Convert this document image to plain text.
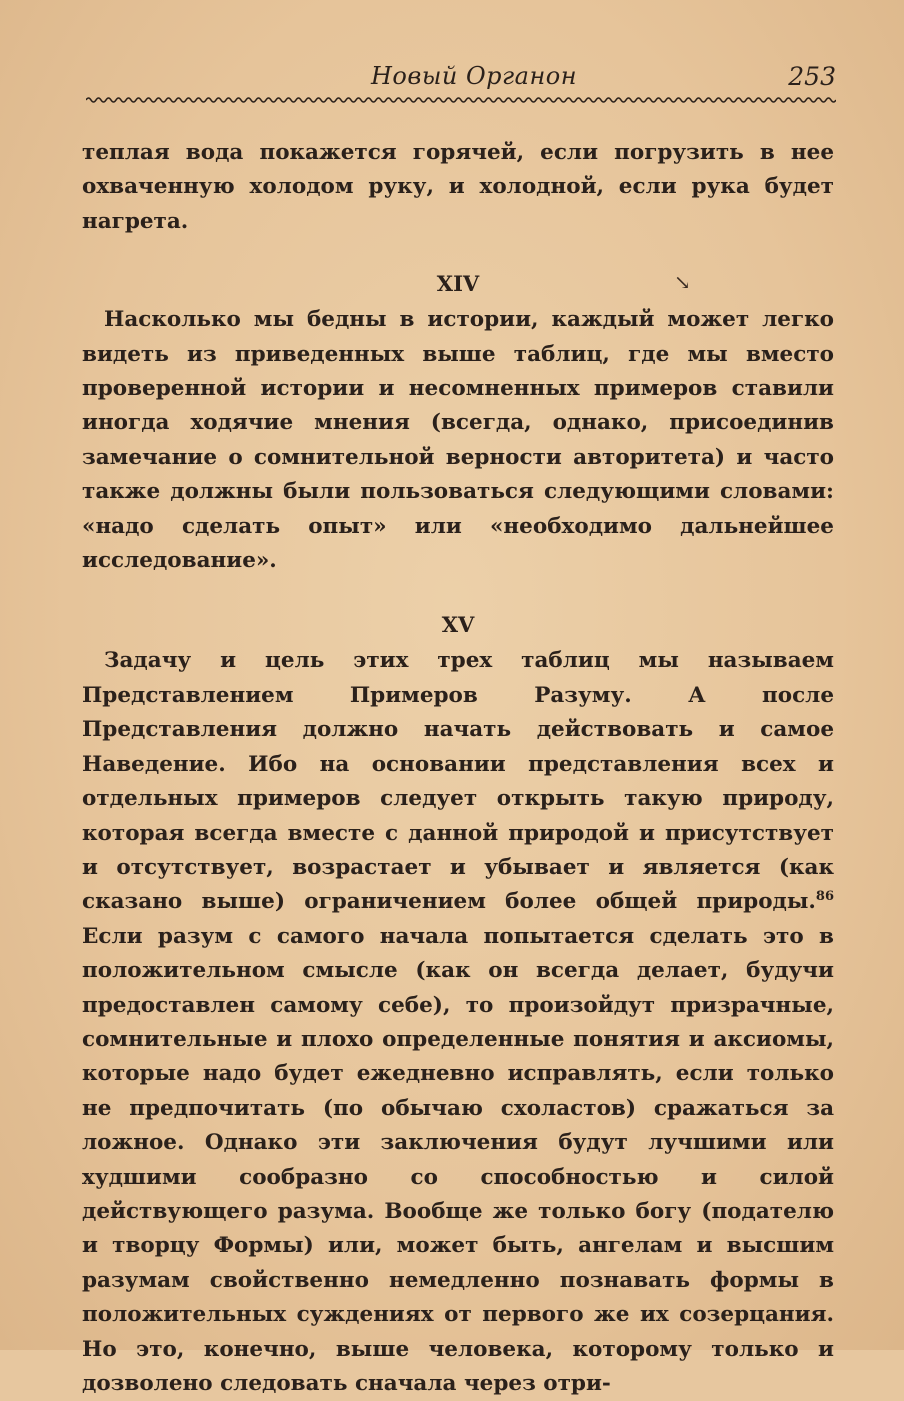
Новый Органон	253
↘

теплая вода покажется горячей, если погрузить в нее охваченную холодом руку, и холодной, если рука будет нагрета.

XIV

Насколько мы бедны в истории, каждый может легко видеть из приведенных выше таблиц, где мы вместо проверенной истории и несомненных примеров ставили иногда ходячие мнения (всегда, однако, присоединив замечание о сомнительной верности авторитета) и часто также должны были пользоваться следующими словами: «надо сделать опыт» или «необходимо дальнейшее исследование».

XV

Задачу и цель этих трех таблиц мы называем Представлением Примеров Разуму. А после Представления должно начать действовать и самое Наведение. Ибо на основании представления всех и отдельных примеров следует открыть такую природу, которая всегда вместе с данной природой и присутствует и отсутствует, возрастает и убывает и является (как сказано выше) ограничением более общей природы.$^{86}$ Если разум с самого начала попытается сделать это в положительном смысле (как он всегда делает, будучи предоставлен самому себе), то произойдут призрачные, сомнительные и плохо определенные понятия и аксиомы, которые надо будет ежедневно исправлять, если только не предпочитать (по обычаю схоластов) сражаться за ложное. Однако эти заключения будут лучшими или худшими сообразно со способностью и силой действующего разума. Вообще же только богу (подателю и творцу Формы) или, может быть, ангелам и высшим разумам свойственно немедленно познавать формы в положительных суждениях от первого же их созерцания. Но это, конечно, выше человека, которому только и дозволено следовать сначала через отри-
